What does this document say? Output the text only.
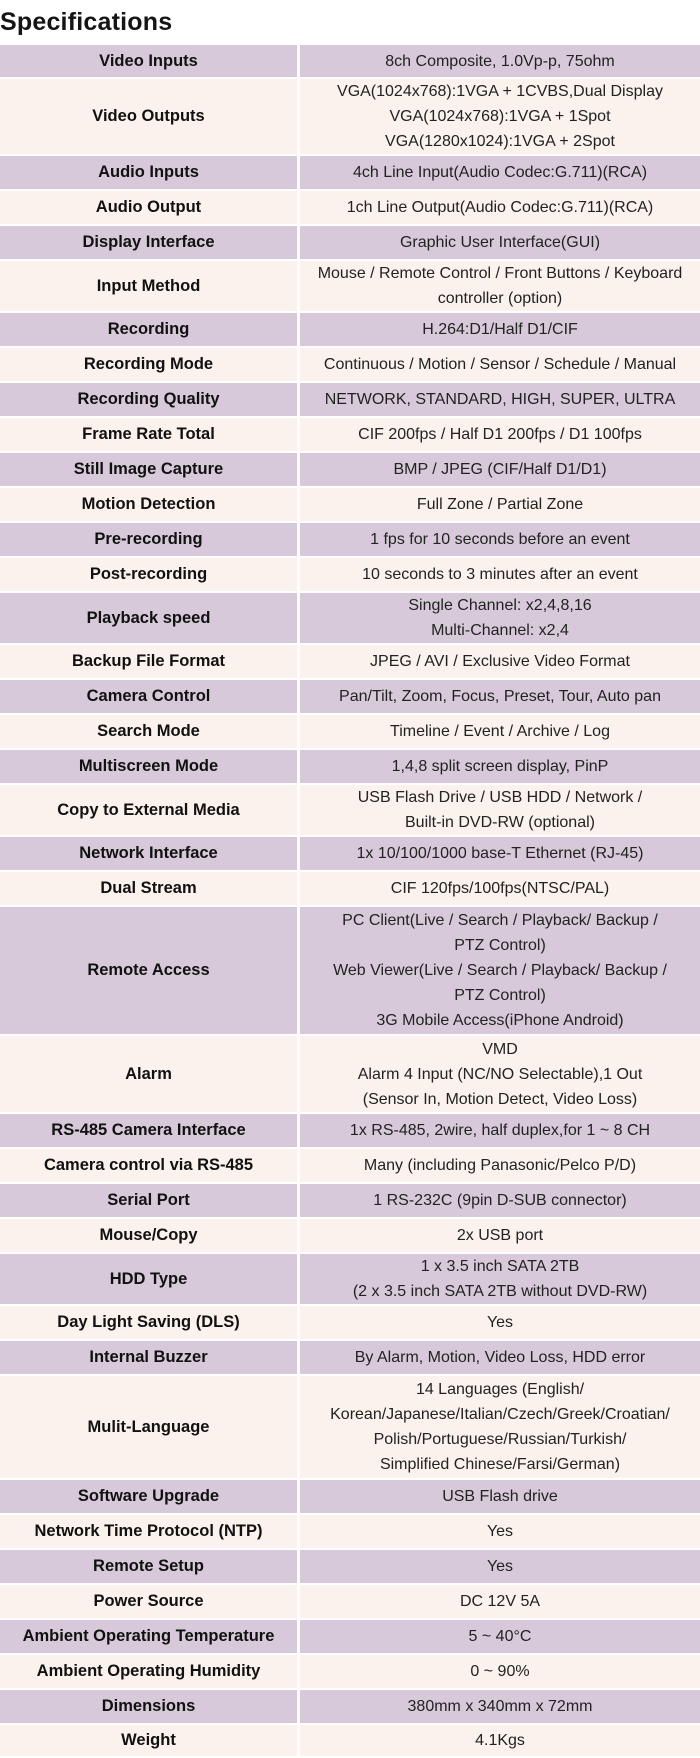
Specifications
Video Inputs	8ch Composite, 1.0Vp-p, 75ohm

Video Outputs	VGA(1024x768):1VGA + 1CVBS,Dual Display
VGA(1024x768):1VGA + 1Spot
VGA(1280x1024):1VGA + 2Spot

Audio Inputs	4ch Line Input(Audio Codec:G.711)(RCA)

Audio Output	1ch Line Output(Audio Codec:G.711)(RCA)

Display Interface	Graphic User Interface(GUI)

Input Method	Mouse / Remote Control / Front Buttons / Keyboard
controller (option)

Recording	H.264:D1/Half D1/CIF

Recording Mode	Continuous / Motion / Sensor / Schedule / Manual

Recording Quality	NETWORK, STANDARD, HIGH, SUPER, ULTRA

Frame Rate Total	CIF 200fps / Half D1 200fps / D1 100fps

Still Image Capture	BMP / JPEG (CIF/Half D1/D1)

Motion Detection	Full Zone / Partial Zone

Pre-recording	1 fps for 10 seconds before an event

Post-recording	10 seconds to 3 minutes after an event

Playback speed	Single Channel: x2,4,8,16
Multi-Channel: x2,4

Backup File Format	JPEG / AVI / Exclusive Video Format

Camera Control	Pan/Tilt, Zoom, Focus, Preset, Tour, Auto pan

Search Mode	Timeline / Event / Archive / Log

Multiscreen Mode	1,4,8 split screen display, PinP

Copy to External Media	USB Flash Drive / USB HDD / Network /
Built-in DVD-RW (optional)

Network Interface	1x 10/100/1000 base-T Ethernet (RJ-45)

Dual Stream	CIF 120fps/100fps(NTSC/PAL)

Remote Access	PC Client(Live / Search / Playback/ Backup /
PTZ Control)
Web Viewer(Live / Search / Playback/ Backup /
PTZ Control)
3G Mobile Access(iPhone Android)

Alarm	VMD
Alarm 4 Input (NC/NO Selectable),1 Out
(Sensor In, Motion Detect, Video Loss)

RS-485 Camera Interface	1x RS-485, 2wire, half duplex,for 1 ~ 8 CH

Camera control via RS-485	Many (including Panasonic/Pelco P/D)

Serial Port	1 RS-232C (9pin D-SUB connector)

Mouse/Copy	2x USB port

HDD Type	1 x 3.5 inch SATA 2TB
(2 x 3.5 inch SATA 2TB without DVD-RW)

Day Light Saving (DLS)	Yes

Internal Buzzer	By Alarm, Motion, Video Loss, HDD error

Mulit-Language	14 Languages (English/
Korean/Japanese/Italian/Czech/Greek/Croatian/
Polish/Portuguese/Russian/Turkish/
Simplified Chinese/Farsi/German)

Software Upgrade	USB Flash drive

Network Time Protocol (NTP)	Yes

Remote Setup	Yes

Power Source	DC 12V 5A

Ambient Operating Temperature	5 ~ 40°C

Ambient Operating Humidity	0 ~ 90%

Dimensions	380mm x 340mm x 72mm

Weight	4.1Kgs
